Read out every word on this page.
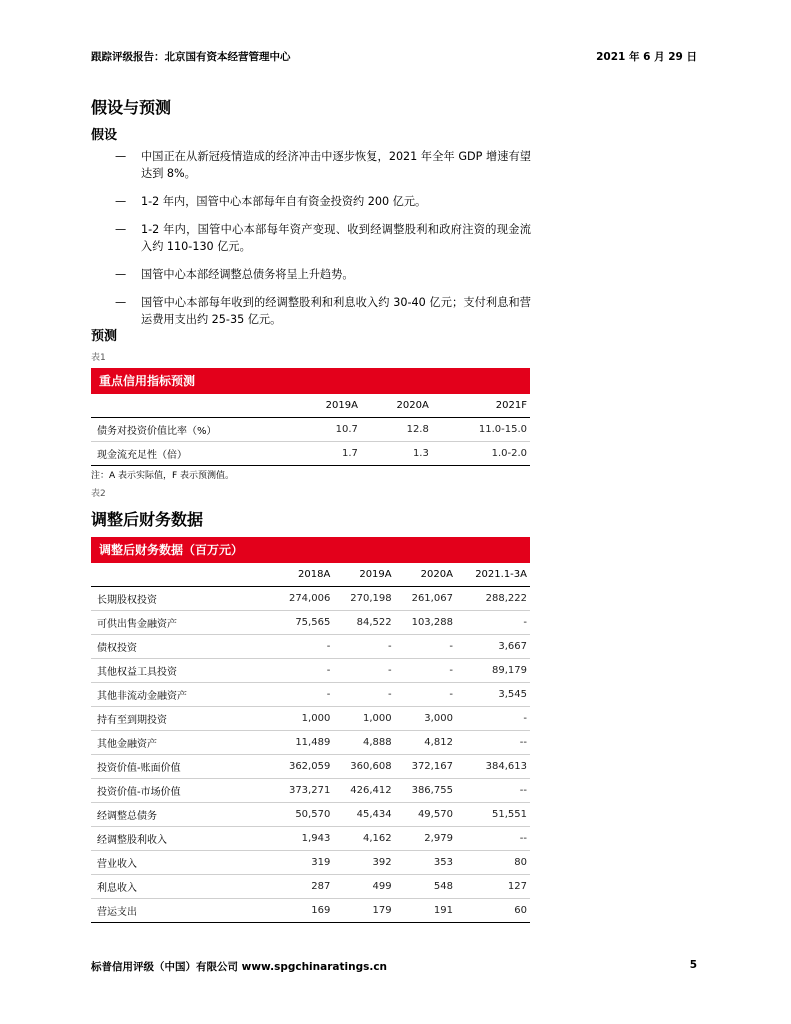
跟踪评级报告：北京国有资本经营管理中心	2021 年 6 月 29 日
假设与预测
假设
— 中国正在从新冠疫情造成的经济冲击中逐步恢复，2021 年全年 GDP 增速有望达到 8%。
— 1-2 年内，国管中心本部每年自有资金投资约 200 亿元。
— 1-2 年内，国管中心本部每年资产变现、收到经调整股利和政府注资的现金流入约 110-130 亿元。
— 国管中心本部经调整总债务将呈上升趋势。
— 国管中心本部每年收到的经调整股利和利息收入约 30-40 亿元；支付利息和营运费用支出约 25-35 亿元。
预测
表1
重点信用指标预测
	2019A	2020A	2021F
债务对投资价值比率（%）	10.7	12.8	11.0-15.0
现金流充足性（倍）	1.7	1.3	1.0-2.0
注：A 表示实际值，F 表示预测值。
表2
调整后财务数据
调整后财务数据（百万元）
	2018A	2019A	2020A	2021.1-3A
长期股权投资	274,006	270,198	261,067	288,222
可供出售金融资产	75,565	84,522	103,288	-
债权投资	-	-	-	3,667
其他权益工具投资	-	-	-	89,179
其他非流动金融资产	-	-	-	3,545
持有至到期投资	1,000	1,000	3,000	-
其他金融资产	11,489	4,888	4,812	--
投资价值-账面价值	362,059	360,608	372,167	384,613
投资价值-市场价值	373,271	426,412	386,755	--
经调整总债务	50,570	45,434	49,570	51,551
经调整股利收入	1,943	4,162	2,979	--
营业收入	319	392	353	80
利息收入	287	499	548	127
营运支出	169	179	191	60
标普信用评级（中国）有限公司 www.spgchinaratings.cn	5
